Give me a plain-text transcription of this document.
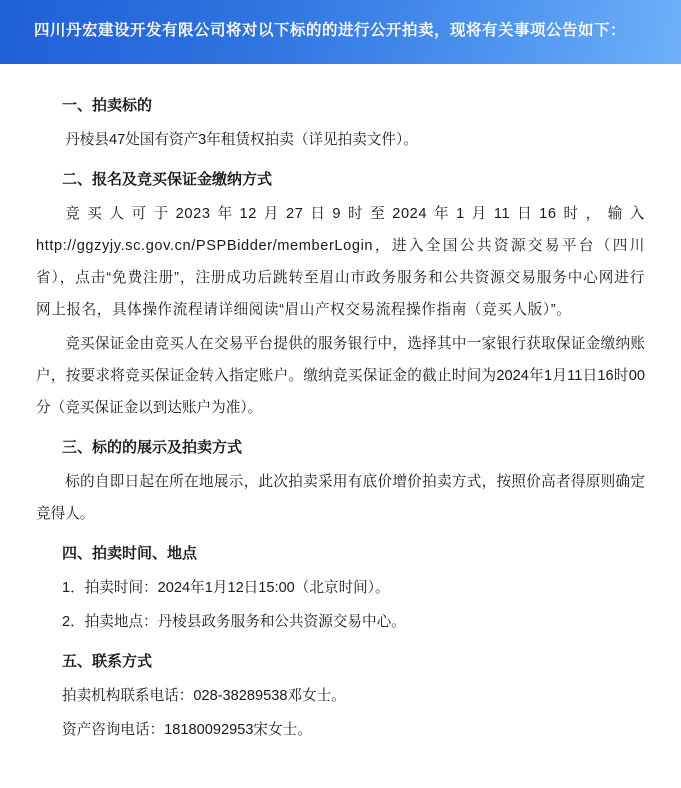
四川丹宏建设开发有限公司将对以下标的的进行公开拍卖，现将有关事项公告如下：
一、拍卖标的

丹棱县47处国有资产3年租赁权拍卖（详见拍卖文件）。

二、报名及竞买保证金缴纳方式

竞买人可于2023年12月27日9时至2024年1月11日16时，输入http://ggzyjy.sc.gov.cn/PSPBidder/memberLogin，进入全国公共资源交易平台（四川省），点击“免费注册”，注册成功后跳转至眉山市政务服务和公共资源交易服务中心网进行网上报名，具体操作流程请详细阅读“眉山产权交易流程操作指南（竞买人版）”。

竞买保证金由竞买人在交易平台提供的服务银行中，选择其中一家银行获取保证金缴纳账户，按要求将竞买保证金转入指定账户。缴纳竞买保证金的截止时间为2024年1月11日16时00分（竞买保证金以到达账户为准）。

三、标的的展示及拍卖方式

标的自即日起在所在地展示，此次拍卖采用有底价增价拍卖方式，按照价高者得原则确定竞得人。

四、拍卖时间、地点

1．拍卖时间：2024年1月12日15:00（北京时间）。

2．拍卖地点：丹棱县政务服务和公共资源交易中心。

五、联系方式

拍卖机构联系电话：028-38289538邓女士。

资产咨询电话：18180092953宋女士。
